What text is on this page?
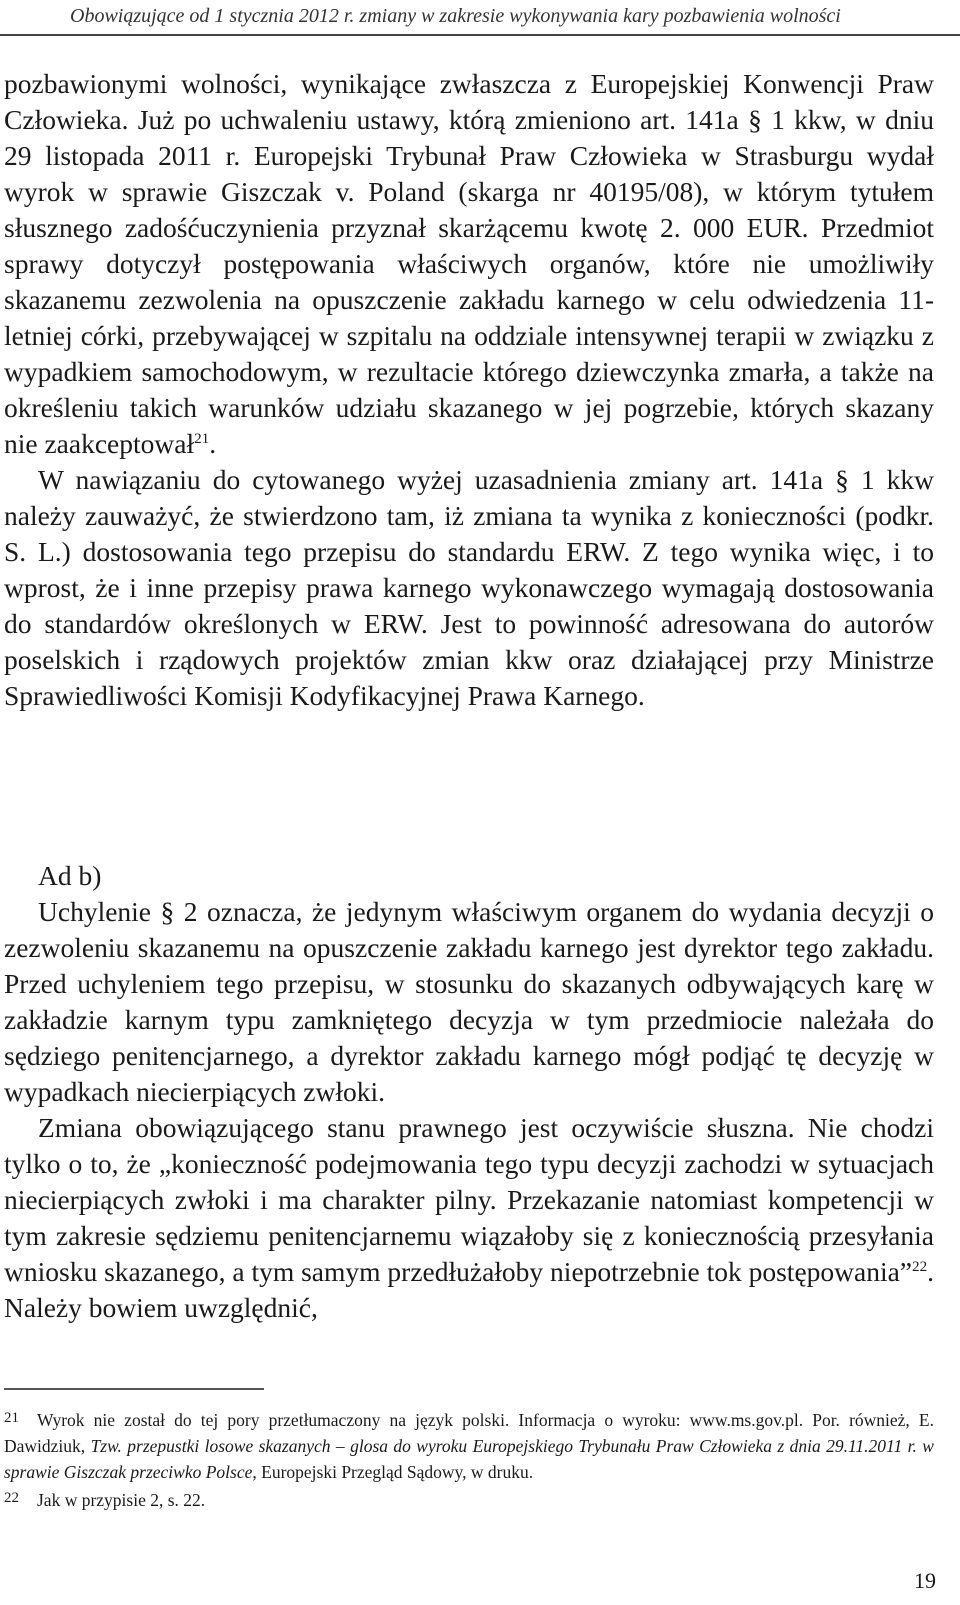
Obowiązujące od 1 stycznia 2012 r. zmiany w zakresie wykonywania kary pozbawienia wolności

pozbawionymi wolności, wynikające zwłaszcza z Europejskiej Konwencji Praw Człowieka. Już po uchwaleniu ustawy, którą zmieniono art. 141a § 1 kkw, w dniu 29 listopada 2011 r. Europejski Trybunał Praw Człowieka w Strasburgu wydał wyrok w sprawie Giszczak v. Poland (skarga nr 40195/08), w którym tytułem słusznego zadośćuczynienia przyznał skarżącemu kwotę 2. 000 EUR. Przedmiot sprawy dotyczył postępowania właściwych organów, które nie umożliwiły skazanemu zezwolenia na opuszczenie zakładu karnego w celu odwiedzenia 11-letniej córki, przebywającej w szpitalu na oddziale intensywnej terapii w związku z wypadkiem samochodowym, w rezultacie którego dziewczynka zmarła, a także na określeniu takich warunków udziału skazanego w jej pogrzebie, których skazany nie zaakceptował$^{21}$.

W nawiązaniu do cytowanego wyżej uzasadnienia zmiany art. 141a § 1 kkw należy zauważyć, że stwierdzono tam, iż zmiana ta wynika z konieczności (podkr. S. L.) dostosowania tego przepisu do standardu ERW. Z tego wynika więc, i to wprost, że i inne przepisy prawa karnego wykonawczego wymagają dostosowania do standardów określonych w ERW. Jest to powinność adresowana do autorów poselskich i rządowych projektów zmian kkw oraz działającej przy Ministrze Sprawiedliwości Komisji Kodyfikacyjnej Prawa Karnego.

Ad b)

Uchylenie § 2 oznacza, że jedynym właściwym organem do wydania decyzji o zezwoleniu skazanemu na opuszczenie zakładu karnego jest dyrektor tego zakładu. Przed uchyleniem tego przepisu, w stosunku do skazanych odbywających karę w zakładzie karnym typu zamkniętego decyzja w tym przedmiocie należała do sędziego penitencjarnego, a dyrektor zakładu karnego mógł podjąć tę decyzję w wypadkach niecierpiących zwłoki.

Zmiana obowiązującego stanu prawnego jest oczywiście słuszna. Nie chodzi tylko o to, że „konieczność podejmowania tego typu decyzji zachodzi w sytuacjach niecierpiących zwłoki i ma charakter pilny. Przekazanie natomiast kompetencji w tym zakresie sędziemu penitencjarnemu wiązałoby się z koniecznością przesyłania wniosku skazanego, a tym samym przedłużałoby niepotrzebnie tok postępowania”$^{22}$. Należy bowiem uwzględnić,

21 Wyrok nie został do tej pory przetłumaczony na język polski. Informacja o wyroku: www.ms.gov.pl. Por. również, E. Dawidziuk, Tzw. przepustki losowe skazanych – glosa do wyroku Europejskiego Trybunału Praw Człowieka z dnia 29.11.2011 r. w sprawie Giszczak przeciwko Polsce, Europejski Przegląd Sądowy, w druku.

22 Jak w przypisie 2, s. 22.

19
